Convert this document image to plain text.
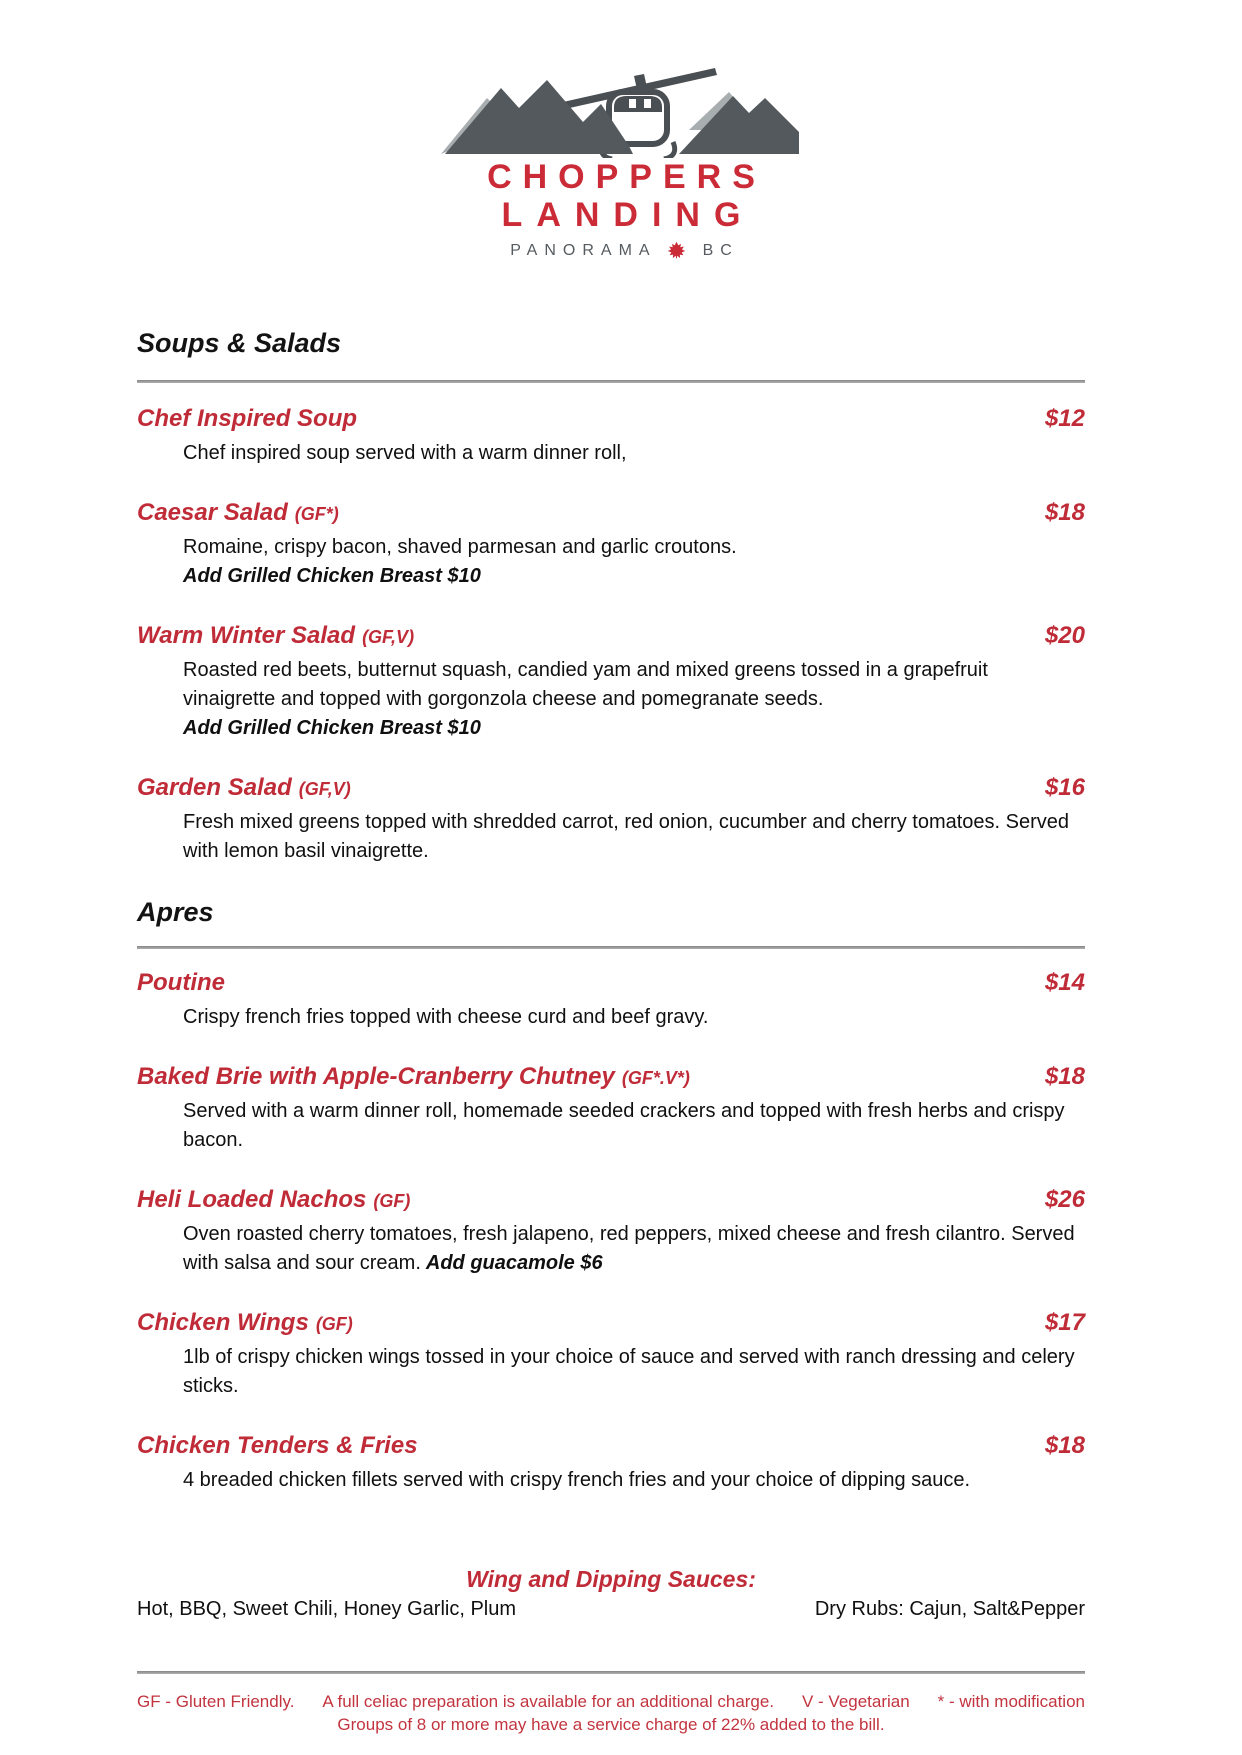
CHOPPERS
LANDING
PANORAMA	BC
Soups & Salads
Chef Inspired Soup	$12
Chef inspired soup served with a warm dinner roll,
Caesar Salad (GF*)	$18
Romaine, crispy bacon, shaved parmesan and garlic croutons.
Add Grilled Chicken Breast $10
Warm Winter Salad (GF,V)	$20
Roasted red beets, butternut squash, candied yam and mixed greens tossed in a grapefruit vinaigrette and topped with gorgonzola cheese and pomegranate seeds.
Add Grilled Chicken Breast $10
Garden Salad (GF,V)	$16
Fresh mixed greens topped with shredded carrot, red onion, cucumber and cherry tomatoes. Served with lemon basil vinaigrette.
Apres
Poutine	$14
Crispy french fries topped with cheese curd and beef gravy.
Baked Brie with Apple-Cranberry Chutney (GF*.V*)	$18
Served with a warm dinner roll, homemade seeded crackers and topped with fresh herbs and crispy bacon.
Heli Loaded Nachos (GF)	$26
Oven roasted cherry tomatoes, fresh jalapeno, red peppers, mixed cheese and fresh cilantro. Served with salsa and sour cream. Add guacamole $6
Chicken Wings (GF)	$17
1lb of crispy chicken wings tossed in your choice of sauce and served with ranch dressing and celery sticks.
Chicken Tenders & Fries	$18
4 breaded chicken fillets served with crispy french fries and your choice of dipping sauce.
Wing and Dipping Sauces:
Hot, BBQ, Sweet Chili, Honey Garlic, Plum	Dry Rubs: Cajun, Salt&Pepper
GF - Gluten Friendly. A full celiac preparation is available for an additional charge. V - Vegetarian * - with modification
Groups of 8 or more may have a service charge of 22% added to the bill.
